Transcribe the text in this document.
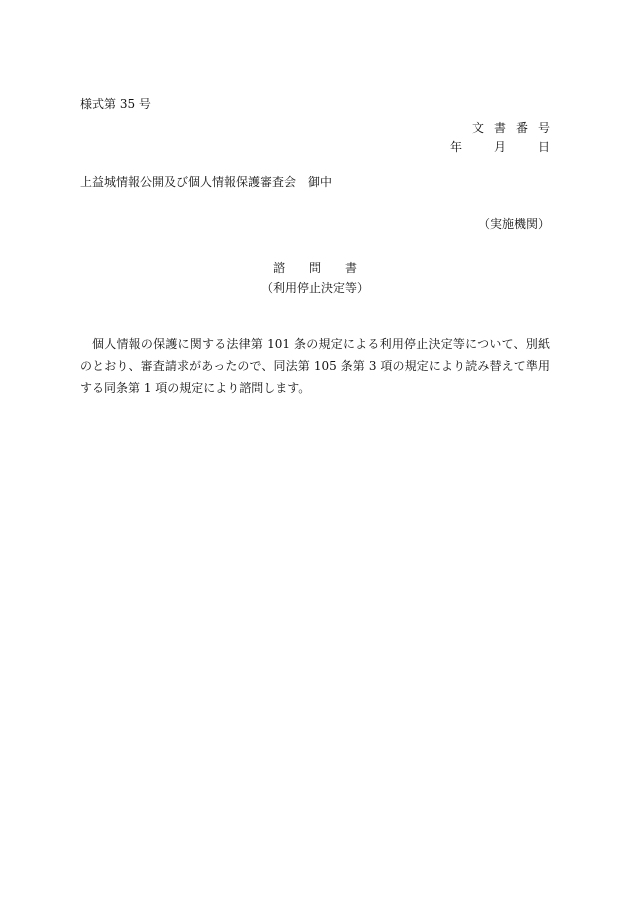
様式第 35 号
文書番号
年　月　日
上益城情報公開及び個人情報保護審査会　御中
（実施機関）
諮問書
（利用停止決定等）
個人情報の保護に関する法律第 101 条の規定による利用停止決定等について、別紙のとおり、審査請求があったので、同法第 105 条第 3 項の規定により読み替えて準用する同条第 1 項の規定により諮問します。
